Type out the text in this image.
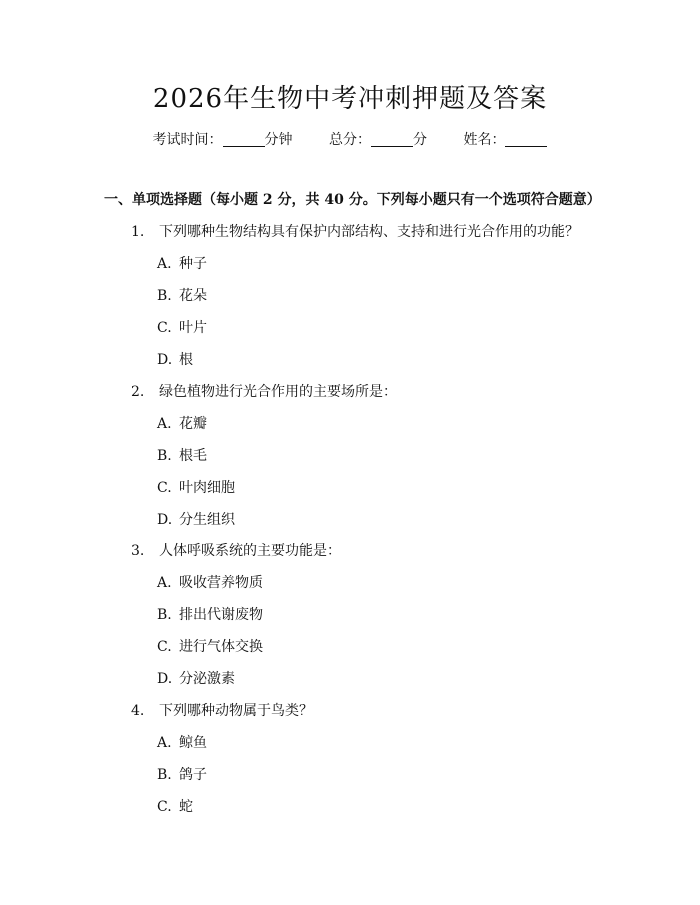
2026年生物中考冲刺押题及答案
考试时间：	分钟	总分：	分	姓名：
一、单项选择题（每小题 2 分，共 40 分。下列每小题只有一个选项符合题意）
1. 下列哪种生物结构具有保护内部结构、支持和进行光合作用的功能？
A. 种子
B. 花朵
C. 叶片
D. 根
2. 绿色植物进行光合作用的主要场所是：
A. 花瓣
B. 根毛
C. 叶肉细胞
D. 分生组织
3. 人体呼吸系统的主要功能是：
A. 吸收营养物质
B. 排出代谢废物
C. 进行气体交换
D. 分泌激素
4. 下列哪种动物属于鸟类？
A. 鲸鱼
B. 鸽子
C. 蛇
